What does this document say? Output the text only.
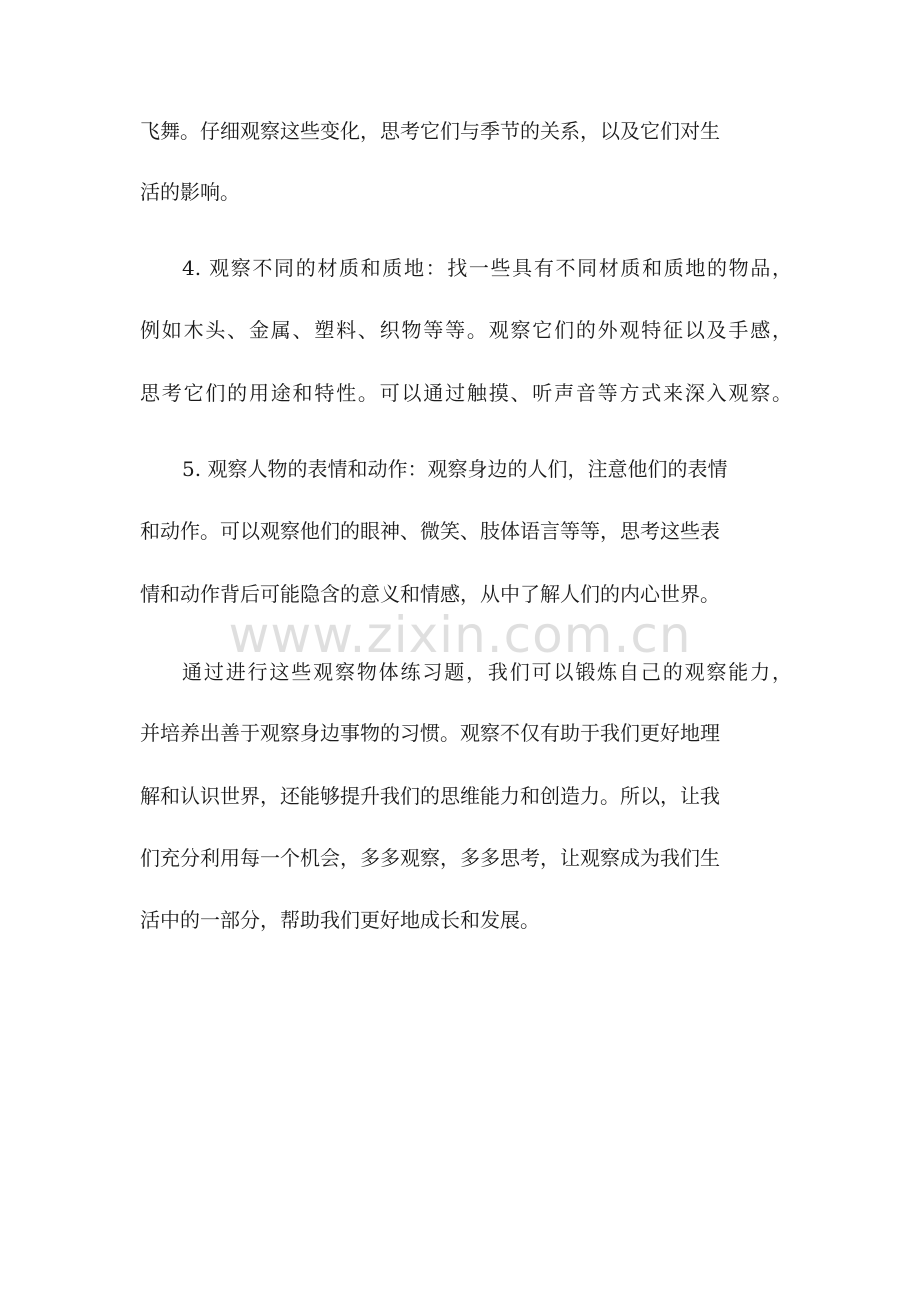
飞舞。仔细观察这些变化，思考它们与季节的关系，以及它们对生

活的影响。

4. 观察不同的材质和质地：找一些具有不同材质和质地的物品，

例如木头、金属、塑料、织物等等。观察它们的外观特征以及手感，

思考它们的用途和特性。可以通过触摸、听声音等方式来深入观察。

5. 观察人物的表情和动作：观察身边的人们，注意他们的表情

和动作。可以观察他们的眼神、微笑、肢体语言等等，思考这些表

情和动作背后可能隐含的意义和情感，从中了解人们的内心世界。

通过进行这些观察物体练习题，我们可以锻炼自己的观察能力，

并培养出善于观察身边事物的习惯。观察不仅有助于我们更好地理

解和认识世界，还能够提升我们的思维能力和创造力。所以，让我

们充分利用每一个机会，多多观察，多多思考，让观察成为我们生

活中的一部分，帮助我们更好地成长和发展。

www.zixin.com.cn
